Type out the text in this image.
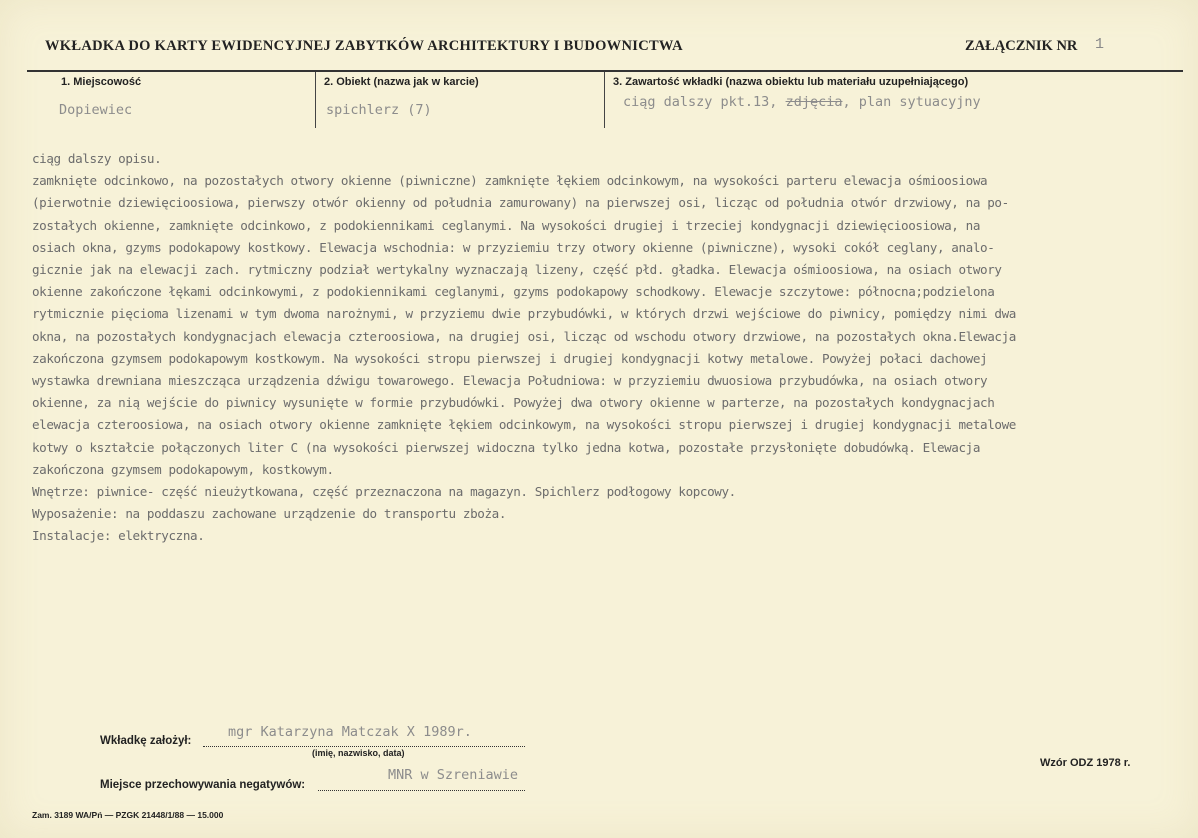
WKŁADKA DO KARTY EWIDENCYJNEJ ZABYTKÓW ARCHITEKTURY I BUDOWNICTWA	ZAŁĄCZNIK NR 1
1. Miejscowość
Dopiewiec
2. Obiekt (nazwa jak w karcie)
spichlerz (7)
3. Zawartość wkładki (nazwa obiektu lub materiału uzupełniającego)
ciąg dalszy pkt.13, zdjęcia, plan sytuacyjny
ciąg dalszy opisu.
zamknięte odcinkowo, na pozostałych otwory okienne (piwniczne) zamknięte łękiem odcinkowym, na wysokości parteru elewacja ośmioosiowa
(pierwotnie dziewięcioosiowa, pierwszy otwór okienny od południa zamurowany) na pierwszej osi, licząc od południa otwór drzwiowy, na po-
zostałych okienne, zamknięte odcinkowo, z podokiennikami ceglanymi. Na wysokości drugiej i trzeciej kondygnacji dziewięcioosiowa, na
osiach okna, gzyms podokapowy kostkowy. Elewacja wschodnia: w przyziemiu trzy otwory okienne (piwniczne), wysoki cokół ceglany, analo-
gicznie jak na elewacji zach. rytmiczny podział wertykalny wyznaczają lizeny, część płd. gładka. Elewacja ośmioosiowa, na osiach otwory
okienne zakończone łękami odcinkowymi, z podokiennikami ceglanymi, gzyms podokapowy schodkowy. Elewacje szczytowe: północna;podzielona
rytmicznie pięcioma lizenami w tym dwoma narożnymi, w przyziemu dwie przybudówki, w których drzwi wejściowe do piwnicy, pomiędzy nimi dwa
okna, na pozostałych kondygnacjach elewacja czteroosiowa, na drugiej osi, licząc od wschodu otwory drzwiowe, na pozostałych okna.Elewacja
zakończona gzymsem podokapowym kostkowym. Na wysokości stropu pierwszej i drugiej kondygnacji kotwy metalowe. Powyżej połaci dachowej
wystawka drewniana mieszcząca urządzenia dźwigu towarowego. Elewacja Południowa: w przyziemiu dwuosiowa przybudówka, na osiach otwory
okienne, za nią wejście do piwnicy wysunięte w formie przybudówki. Powyżej dwa otwory okienne w parterze, na pozostałych kondygnacjach
elewacja czteroosiowa, na osiach otwory okienne zamknięte łękiem odcinkowym, na wysokości stropu pierwszej i drugiej kondygnacji metalowe
kotwy o kształcie połączonych liter C (na wysokości pierwszej widoczna tylko jedna kotwa, pozostałe przysłonięte dobudówką. Elewacja
zakończona gzymsem podokapowym, kostkowym.
Wnętrze: piwnice- część nieużytkowana, część przeznaczona na magazyn. Spichlerz podłogowy kopcowy.
Wyposażenie: na poddaszu zachowane urządzenie do transportu zboża.
Instalacje: elektryczna.
Wkładkę założył:
mgr Katarzyna Matczak X 1989r.
(imię, nazwisko, data)
Miejsce przechowywania negatywów:
MNR w Szreniawie
Wzór ODZ 1978 r.
Zam. 3189 WA/Pń — PZGK 21448/1/88 — 15.000
